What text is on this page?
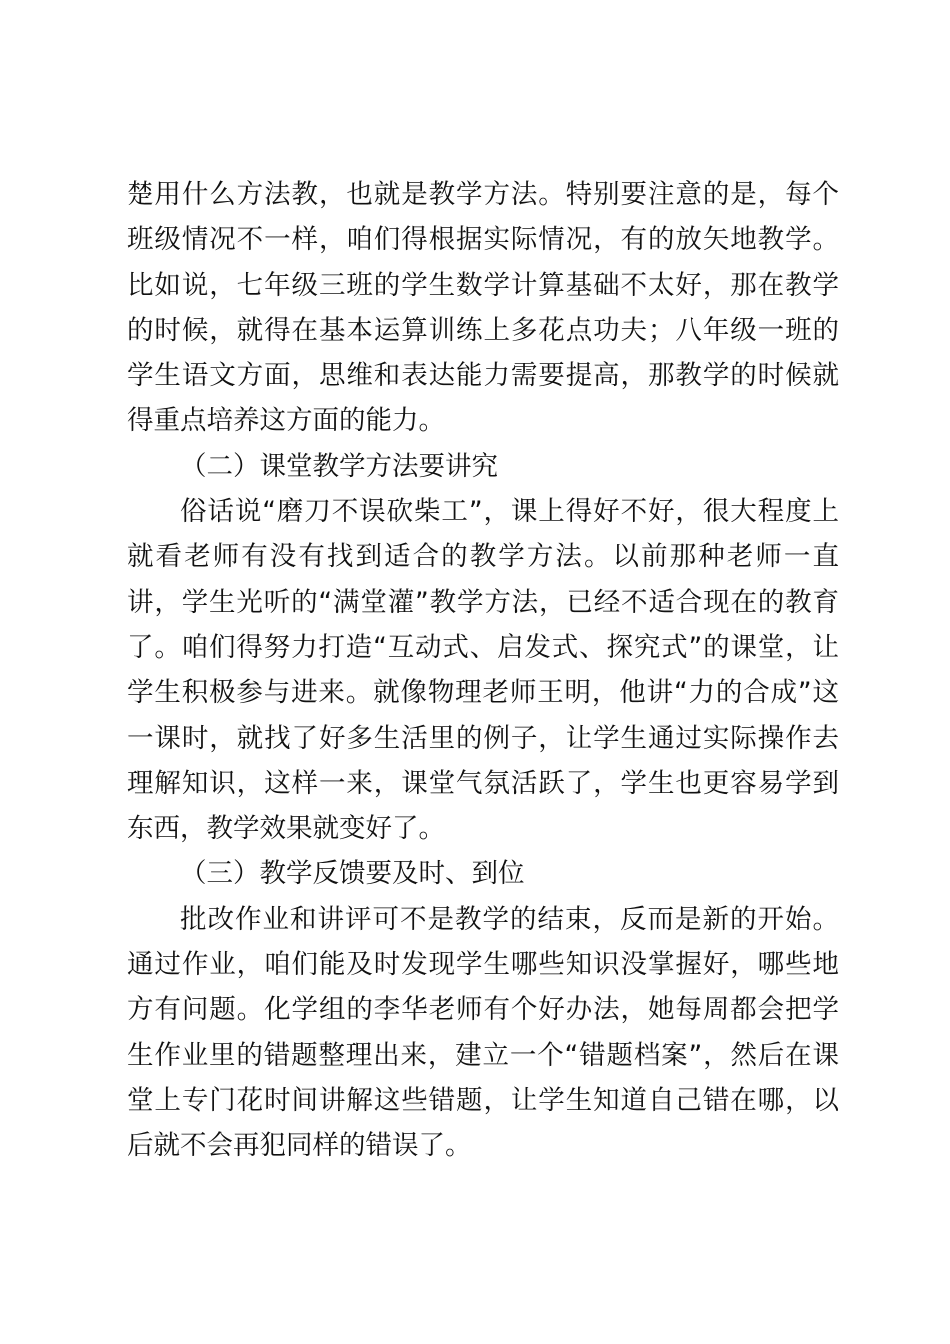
楚用什么方法教，也就是教学方法。特别要注意的是，每个班级情况不一样，咱们得根据实际情况，有的放矢地教学。比如说，七年级三班的学生数学计算基础不太好，那在教学的时候，就得在基本运算训练上多花点功夫；八年级一班的学生语文方面，思维和表达能力需要提高，那教学的时候就得重点培养这方面的能力。

（二）课堂教学方法要讲究

俗话说“磨刀不误砍柴工”，课上得好不好，很大程度上就看老师有没有找到适合的教学方法。以前那种老师一直讲，学生光听的“满堂灌”教学方法，已经不适合现在的教育了。咱们得努力打造“互动式、启发式、探究式”的课堂，让学生积极参与进来。就像物理老师王明，他讲“力的合成”这一课时，就找了好多生活里的例子，让学生通过实际操作去理解知识，这样一来，课堂气氛活跃了，学生也更容易学到东西，教学效果就变好了。

（三）教学反馈要及时、到位

批改作业和讲评可不是教学的结束，反而是新的开始。通过作业，咱们能及时发现学生哪些知识没掌握好，哪些地方有问题。化学组的李华老师有个好办法，她每周都会把学生作业里的错题整理出来，建立一个“错题档案”，然后在课堂上专门花时间讲解这些错题，让学生知道自己错在哪，以后就不会再犯同样的错误了。
